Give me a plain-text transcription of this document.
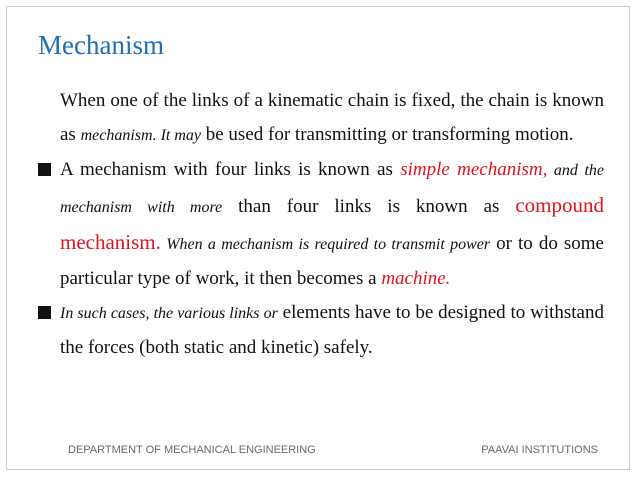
Mechanism

When one of the links of a kinematic chain is fixed, the chain is known as mechanism. It may be used for transmitting or transforming motion.

A mechanism with four links is known as simple mechanism, and the mechanism with more than four links is known as compound mechanism. When a mechanism is required to transmit power or to do some particular type of work, it then becomes a machine.

In such cases, the various links or elements have to be designed to withstand the forces (both static and kinetic) safely.

DEPARTMENT OF MECHANICAL ENGINEERING	PAAVAI INSTITUTIONS
